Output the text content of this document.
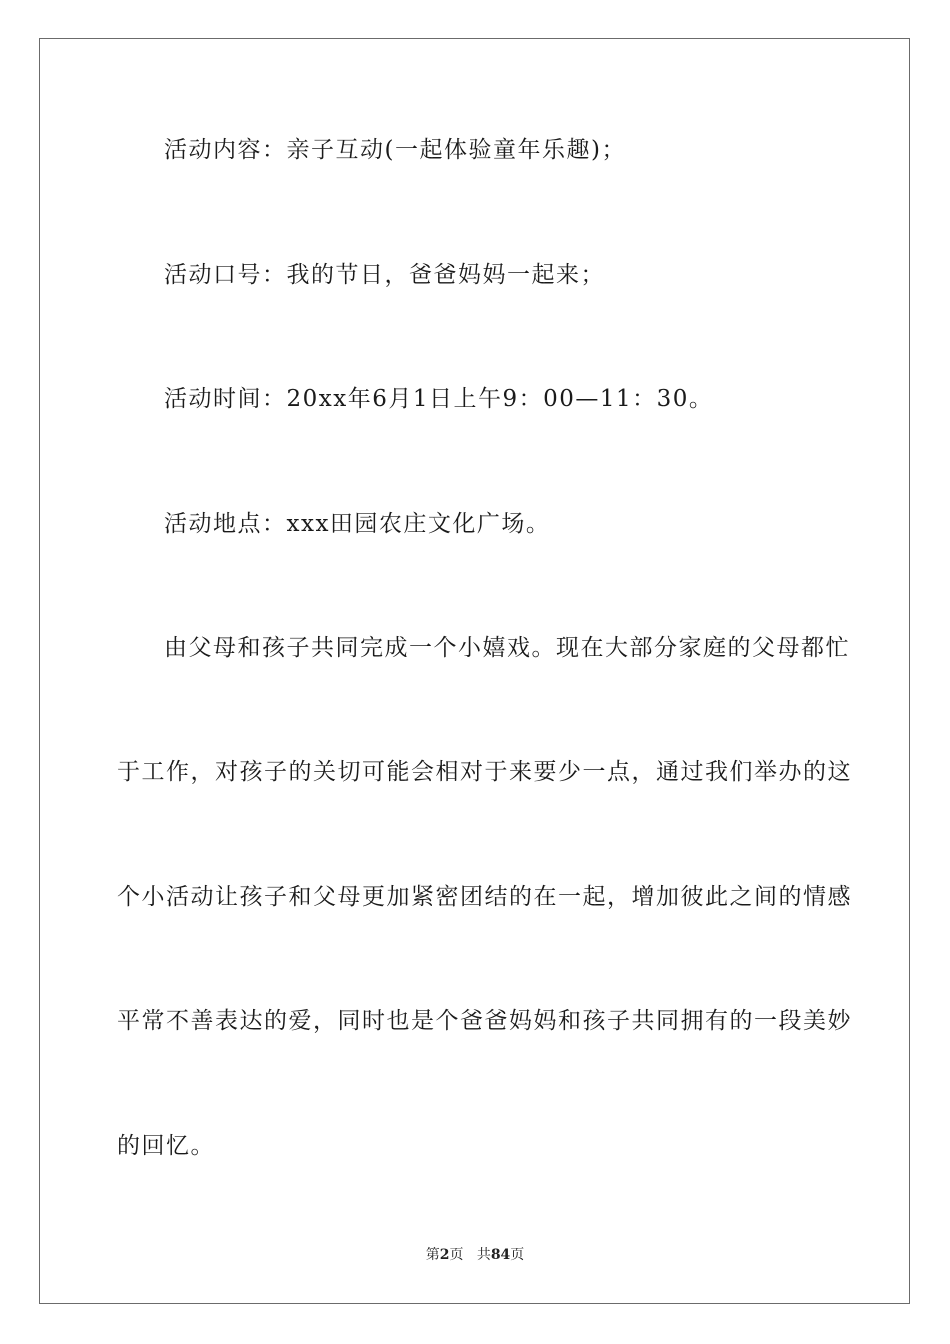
活动内容：亲子互动(一起体验童年乐趣)；
活动口号：我的节日，爸爸妈妈一起来；
活动时间：20xx年6月1日上午9：00—11：30。
活动地点：xxx田园农庄文化广场。
由父母和孩子共同完成一个小嬉戏。现在大部分家庭的父母都忙
于工作，对孩子的关切可能会相对于来要少一点，通过我们举办的这
个小活动让孩子和父母更加紧密团结的在一起，增加彼此之间的情感
平常不善表达的爱，同时也是个爸爸妈妈和孩子共同拥有的一段美妙
的回忆。
第2页 共84页
